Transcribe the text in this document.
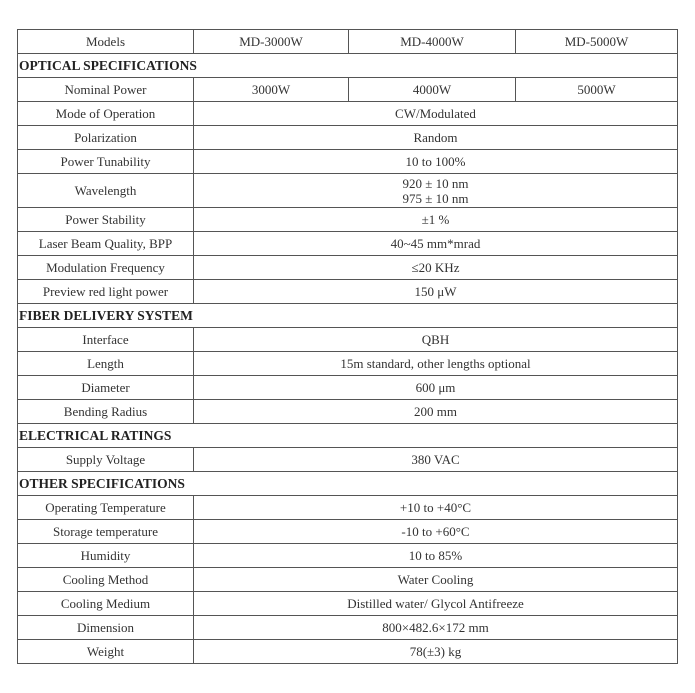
Models	MD-3000W	MD-4000W	MD-5000W
OPTICAL SPECIFICATIONS			
Nominal Power	3000W	4000W	5000W
Mode of Operation	CW/Modulated		
Polarization	Random		
Power Tunability	10 to 100%		
Wavelength	920 ± 10 nm
975 ± 10 nm		

Power Stability	±1 %		
Laser Beam Quality, BPP	40~45 mm*mrad		
Modulation Frequency	≤20 KHz		
Preview red light power	150 μW		
FIBER DELIVERY SYSTEM			
Interface	QBH		
Length	15m standard, other lengths optional		
Diameter	600 μm		
Bending Radius	200 mm		
ELECTRICAL RATINGS			
Supply Voltage	380 VAC		
OTHER SPECIFICATIONS			
Operating Temperature	+10 to +40°C		
Storage temperature	-10 to +60°C		
Humidity	10 to 85%		
Cooling Method	Water Cooling		
Cooling Medium	Distilled water/ Glycol Antifreeze		
Dimension	800×482.6×172 mm		
Weight	78(±3) kg		
